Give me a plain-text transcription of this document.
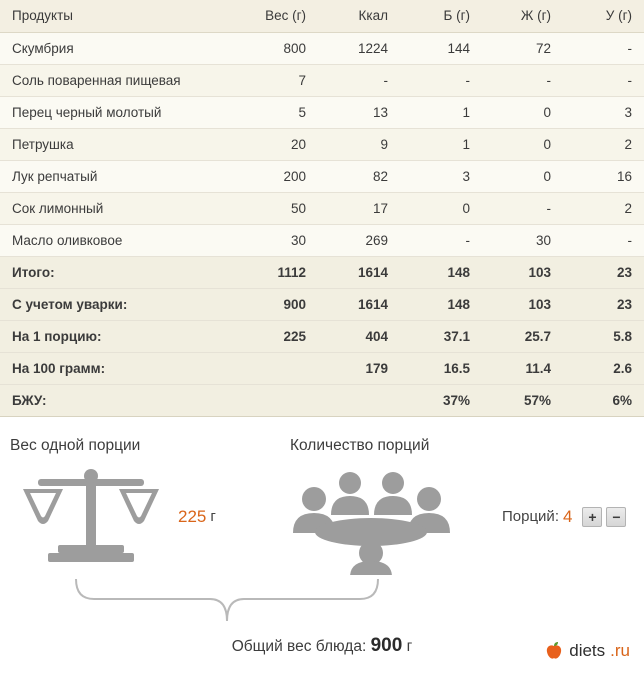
Продукты	Вес (г)	Ккал	Б (г)	Ж (г)	У (г)
Скумбрия	800	1224	144	72	-
Соль поваренная пищевая	7	-	-	-	-
Перец черный молотый	5	13	1	0	3
Петрушка	20	9	1	0	2
Лук репчатый	200	82	3	0	16
Сок лимонный	50	17	0	-	2
Масло оливковое	30	269	-	30	-
Итого:	1112	1614	148	103	23
С учетом уварки:	900	1614	148	103	23
На 1 порцию:	225	404	37.1	25.7	5.8
На 100 грамм:		179	16.5	11.4	2.6
БЖУ:			37%	57%	6%
Вес одной порции	Количество порций
225 г	Порций: 4	+	−
Общий вес блюда: 900 г	diets .ru
